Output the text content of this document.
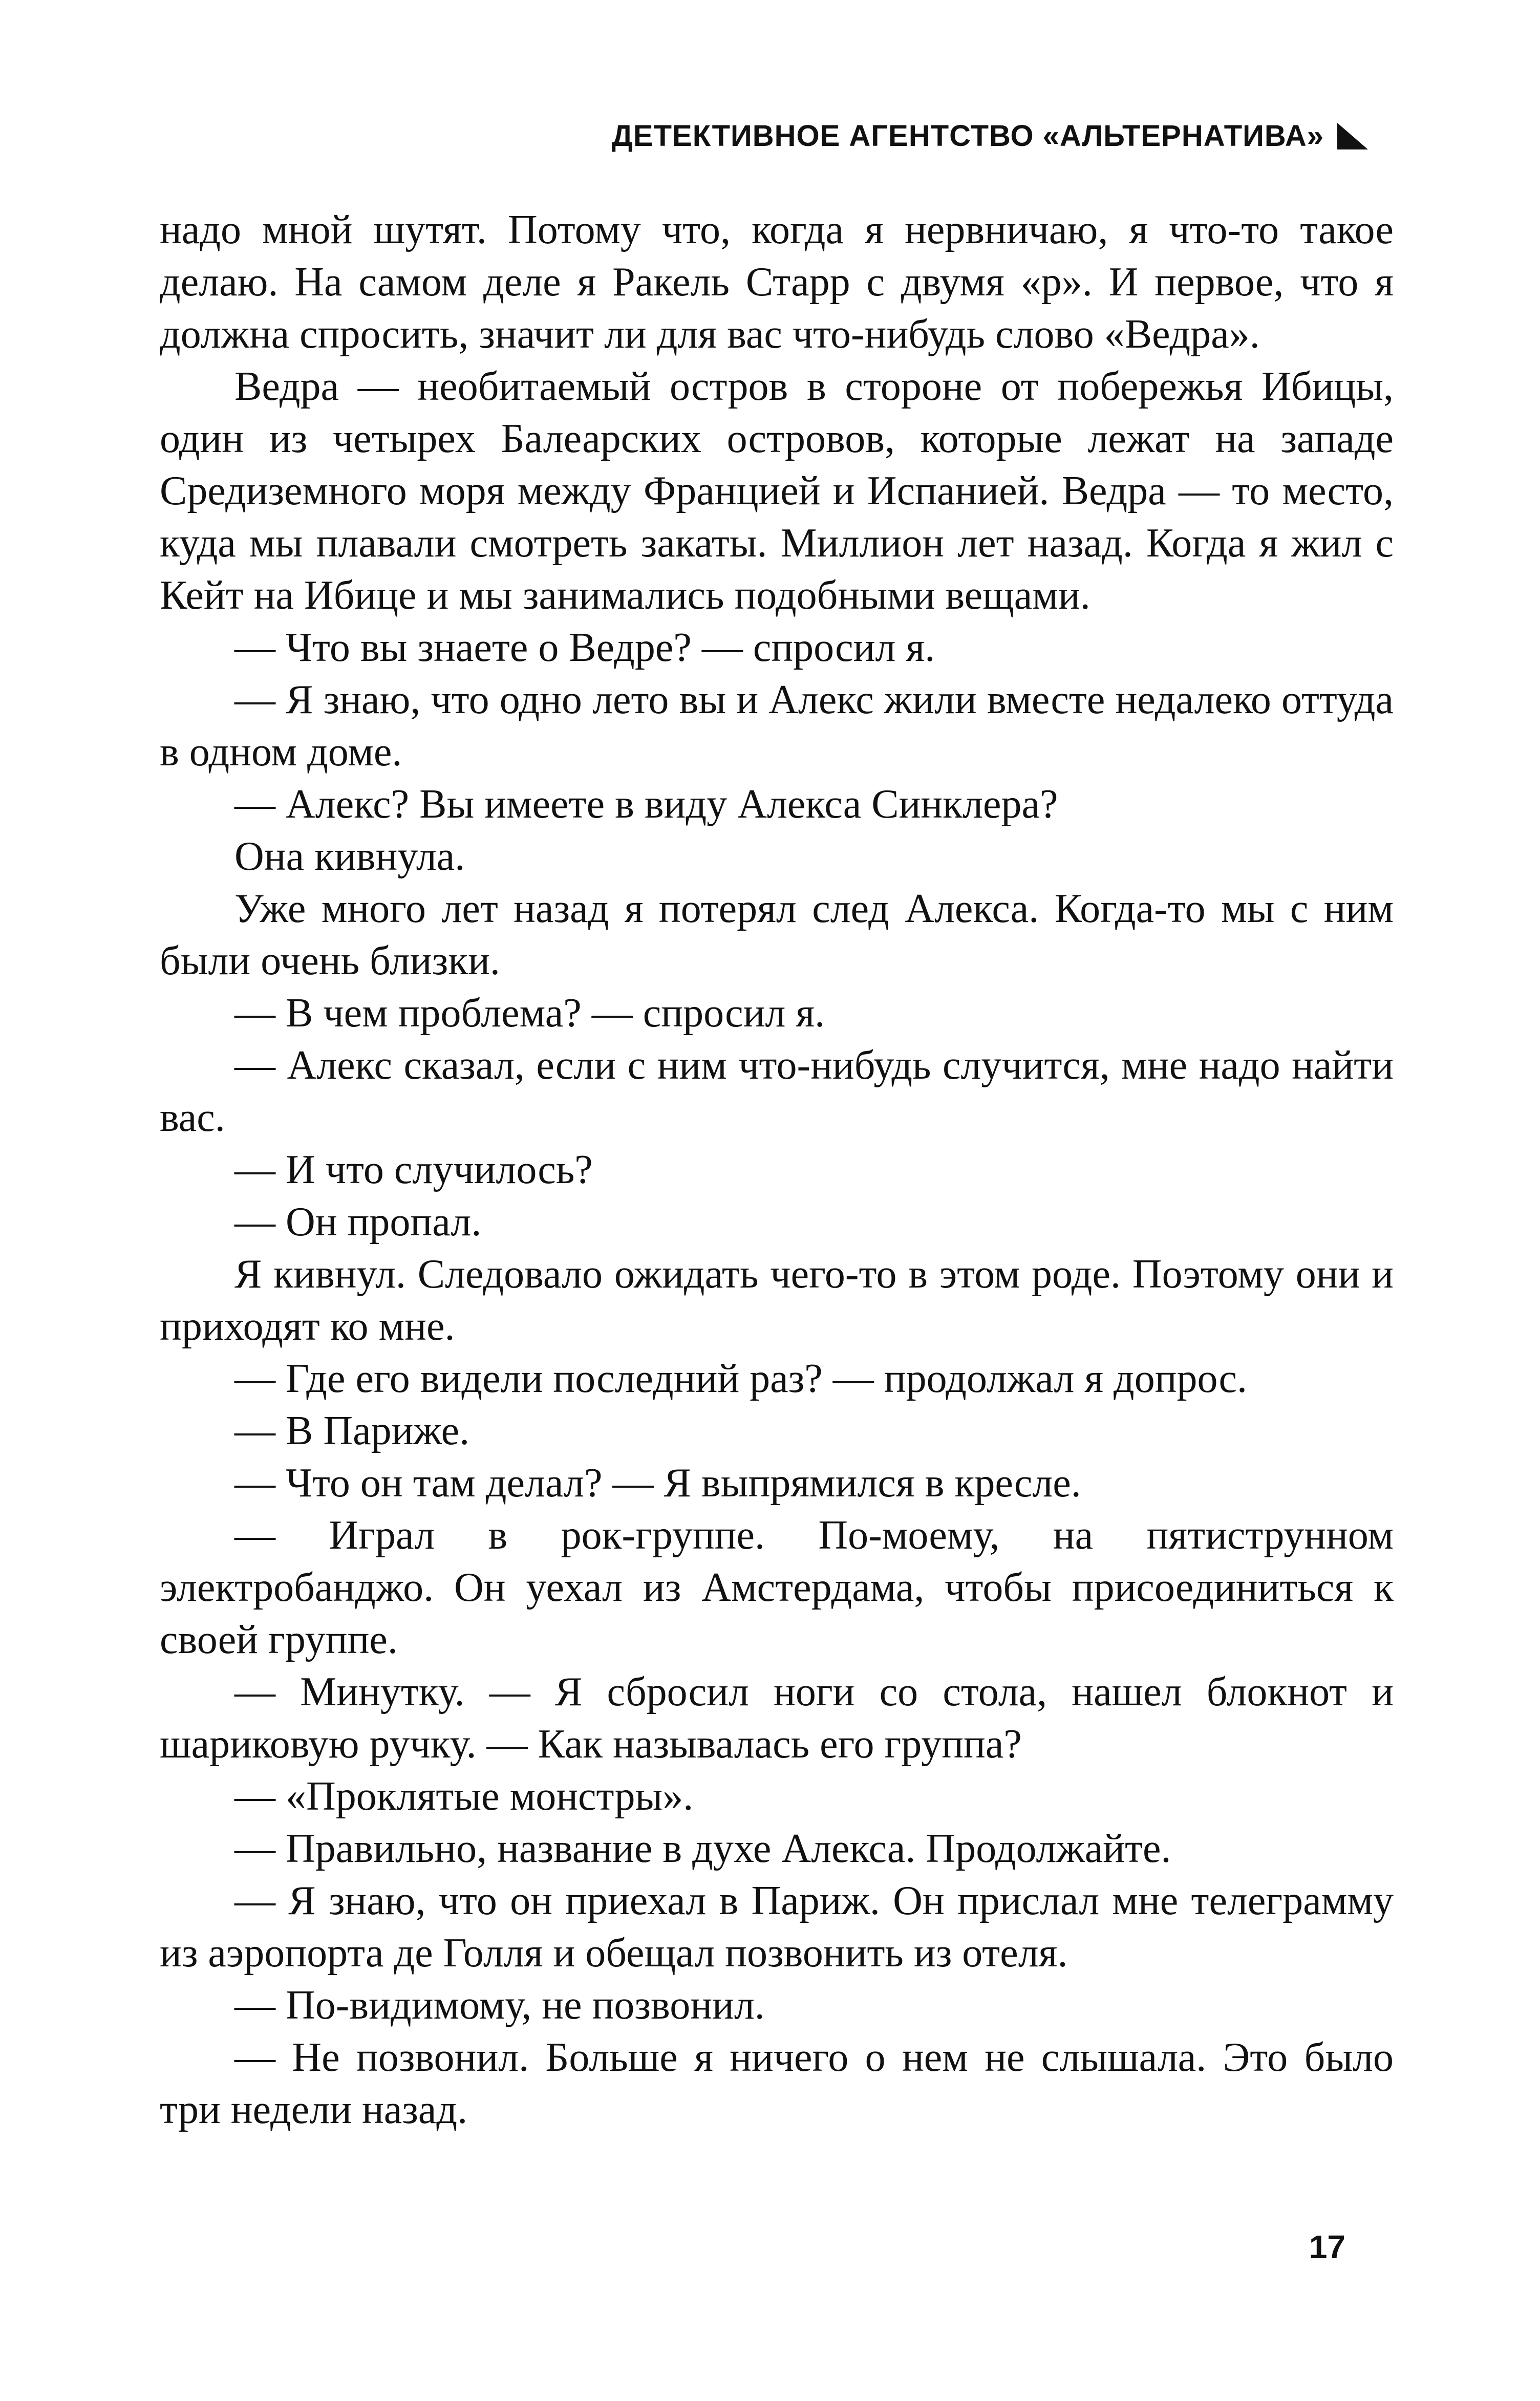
ДЕТЕКТИВНОЕ АГЕНТСТВО «АЛЬТЕРНАТИВА»

надо мной шутят. Потому что, когда я нервничаю, я что-то такое делаю. На самом деле я Ракель Старр с двумя «р». И первое, что я должна спросить, значит ли для вас что-нибудь слово «Ведра».

Ведра — необитаемый остров в стороне от побережья Ибицы, один из четырех Балеарских островов, которые лежат на западе Средиземного моря между Францией и Испанией. Ведра — то место, куда мы плавали смотреть закаты. Миллион лет назад. Когда я жил с Кейт на Ибице и мы занимались подобными вещами.

— Что вы знаете о Ведре? — спросил я.

— Я знаю, что одно лето вы и Алекс жили вместе недалеко оттуда в одном доме.

— Алекс? Вы имеете в виду Алекса Синклера?

Она кивнула.

Уже много лет назад я потерял след Алекса. Когда-то мы с ним были очень близки.

— В чем проблема? — спросил я.

— Алекс сказал, если с ним что-нибудь случится, мне надо найти вас.

— И что случилось?

— Он пропал.

Я кивнул. Следовало ожидать чего-то в этом роде. Поэтому они и приходят ко мне.

— Где его видели последний раз? — продолжал я допрос.

— В Париже.

— Что он там делал? — Я выпрямился в кресле.

— Играл в рок-группе. По-моему, на пятиструнном электробанджо. Он уехал из Амстердама, чтобы присоединиться к своей группе.

— Минутку. — Я сбросил ноги со стола, нашел блокнот и шариковую ручку. — Как называлась его группа?

— «Проклятые монстры».

— Правильно, название в духе Алекса. Продолжайте.

— Я знаю, что он приехал в Париж. Он прислал мне телеграмму из аэропорта де Голля и обещал позвонить из отеля.

— По-видимому, не позвонил.

— Не позвонил. Больше я ничего о нем не слышала. Это было три недели назад.

17
